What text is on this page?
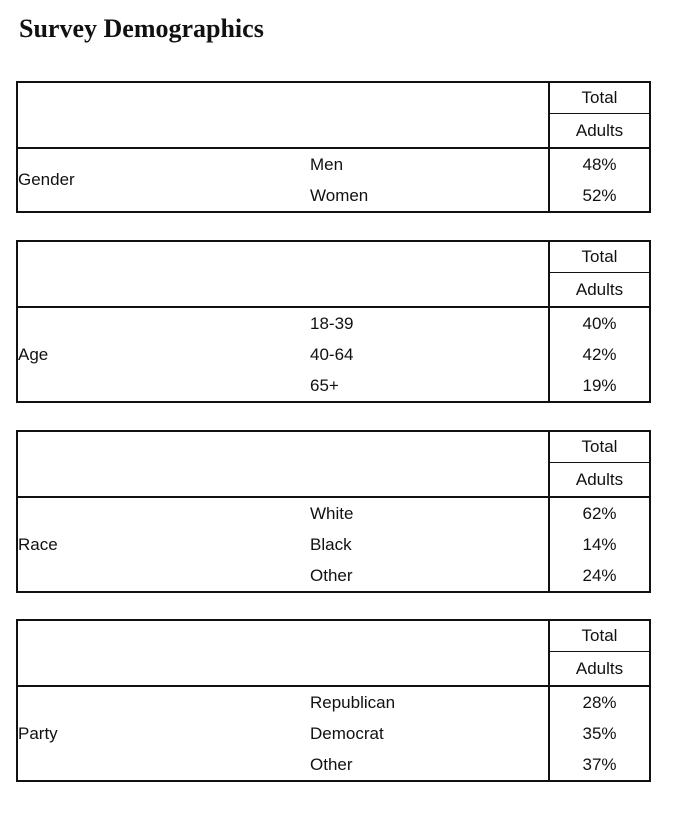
Survey Demographics
		Total
		Adults
Gender	Men	48%
	Women	52%
		Total
		Adults
Age	18-39	40%
	40-64	42%
	65+	19%
		Total
		Adults
Race	White	62%
	Black	14%
	Other	24%
		Total
		Adults
Party	Republican	28%
	Democrat	35%
	Other	37%
